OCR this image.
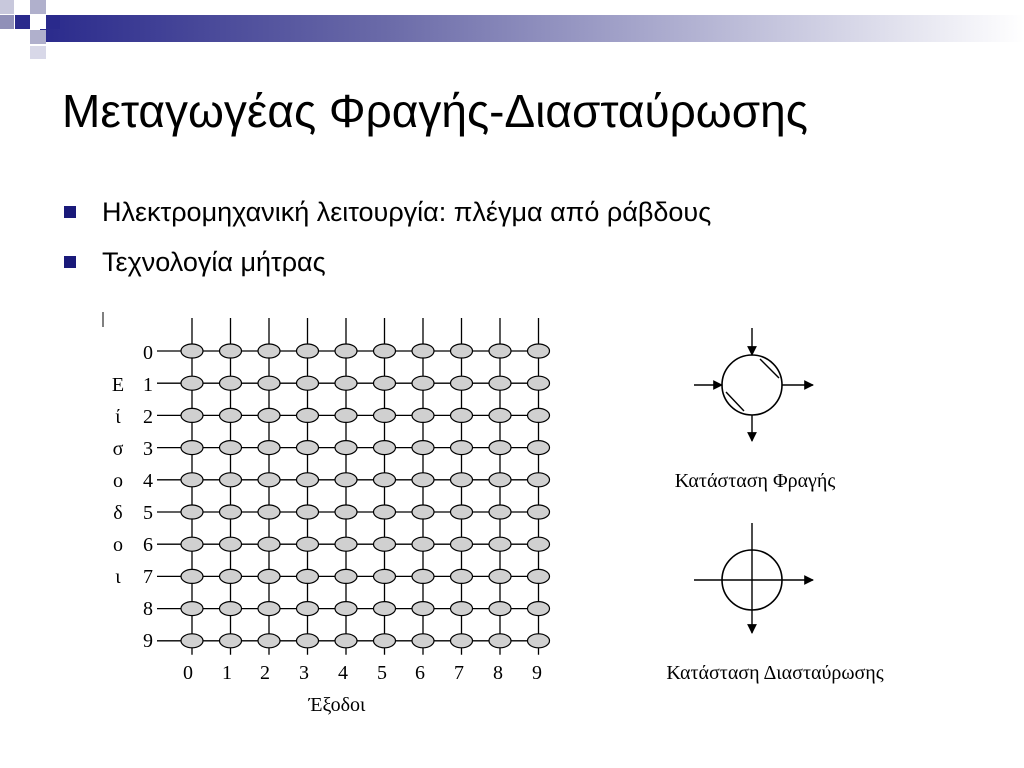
Μεταγωγέας Φραγής-Διασταύρωσης
Ηλεκτρομηχανική λειτουργία: πλέγμα από ράβδους
Τεχνολογία μήτρας
0
1
2
3
4
5
6
7
8
9
Ε
ί
σ
ο
δ
ο
ι
0 1 2 3 4 5 6 7 8 9
Έξοδοι
Κατάσταση Φραγής
Κατάσταση Διασταύρωσης
